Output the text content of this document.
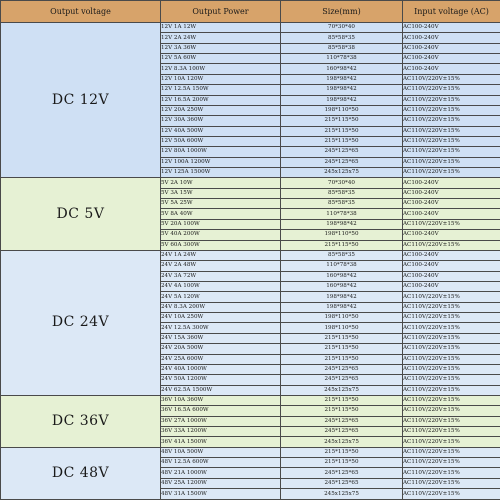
Output voltage	Output Power	Size(mm)	Input voltage (AC)
DC 12V	12V 1A 12W	70*30*40	AC100-240V
	12V 2A 24W	85*58*35	AC100-240V
	12V 3A 36W	85*58*38	AC100-240V
	12V 5A 60W	110*78*38	AC100-240V
	12V 8.3A 100W	160*98*42	AC100-240V
	12V 10A 120W	198*98*42	AC110V/220V±15%
	12V 12.5A 150W	198*98*42	AC110V/220V±15%
	12V 16.5A 200W	198*98*42	AC110V/220V±15%
	12V 20A 250W	198*110*50	AC110V/220V±15%
	12V 30A 360W	215*115*50	AC110V/220V±15%
	12V 40A 500W	215*115*50	AC110V/220V±15%
	12V 50A 600W	215*115*50	AC110V/220V±15%
	12V 80A 1000W	245*125*65	AC110V/220V±15%
	12V 100A 1200W	245*125*65	AC110V/220V±15%
	12V 125A 1500W	245x125x75	AC110V/220V±15%
DC 5V	5V 2A 10W	70*30*40	AC100-240V
	5V 3A 15W	85*58*35	AC100-240V
	5V 5A 25W	85*58*35	AC100-240V
	5V 8A 40W	110*78*38	AC100-240V
	5V 20A 100W	198*98*42	AC110V/220V±15%
	5V 40A 200W	198*110*50	AC100-240V
	5V 60A 300W	215*115*50	AC110V/220V±15%
DC 24V	24V 1A 24W	85*58*35	AC100-240V
	24V 2A 48W	110*78*38	AC100-240V
	24V 3A 72W	160*98*42	AC100-240V
	24V 4A 100W	160*98*42	AC100-240V
	24V 5A 120W	198*98*42	AC110V/220V±15%
	24V 8.3A 200W	198*98*42	AC110V/220V±15%
	24V 10A 250W	198*110*50	AC110V/220V±15%
	24V 12.5A 300W	198*110*50	AC110V/220V±15%
	24V 15A 360W	215*115*50	AC110V/220V±15%
	24V 20A 500W	215*115*50	AC110V/220V±15%
	24V 25A 600W	215*115*50	AC110V/220V±15%
	24V 40A 1000W	245*125*65	AC110V/220V±15%
	24V 50A 1200W	245*125*65	AC110V/220V±15%
	24V 62.5A 1500W	245x125x75	AC110V/220V±15%
DC 36V	36V 10A 360W	215*115*50	AC110V/220V±15%
	36V 16.5A 600W	215*115*50	AC110V/220V±15%
	36V 27A 1000W	245*125*65	AC110V/220V±15%
	36V 33A 1200W	245*125*65	AC110V/220V±15%
	36V 41A 1500W	245x125x75	AC110V/220V±15%
DC 48V	48V 10A 500W	215*115*50	AC110V/220V±15%
	48V 12.5A 600W	215*115*50	AC110V/220V±15%
	48V 21A 1000W	245*125*65	AC110V/220V±15%
	48V 25A 1200W	245*125*65	AC110V/220V±15%
	48V 31A 1500W	245x125x75	AC110V/220V±15%
